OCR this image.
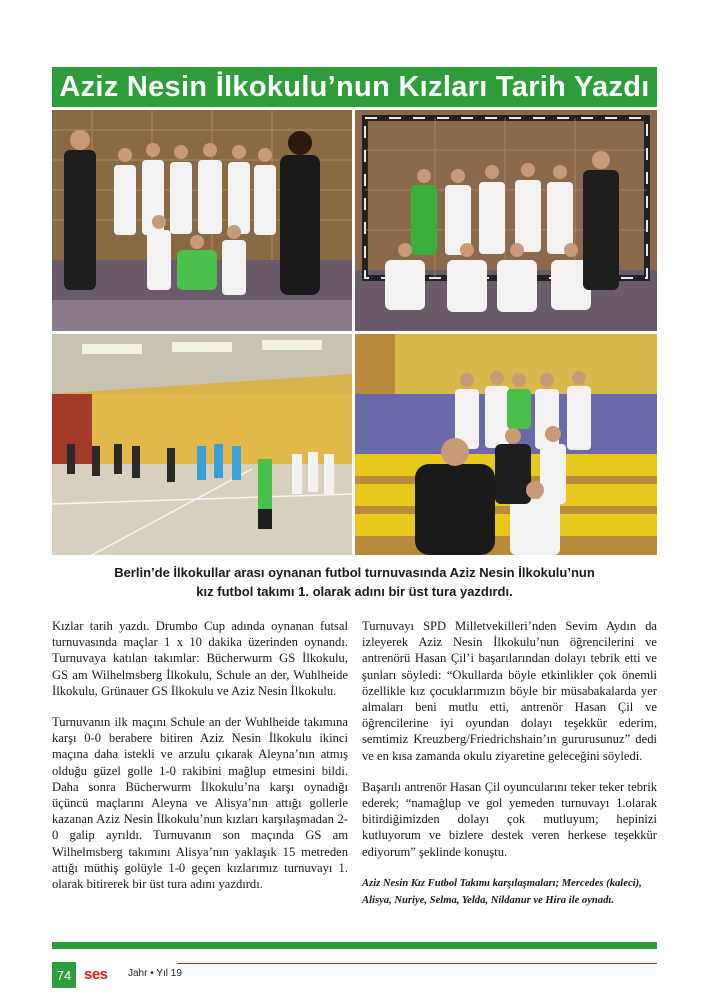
Aziz Nesin İlkokulu’nun Kızları Tarih Yazdı
Berlin’de İlkokullar arası oynanan futbol turnuvasında Aziz Nesin İlkokulu’nun
kız futbol takımı 1. olarak adını bir üst tura yazdırdı.

Kızlar tarih yazdı. Drumbo Cup adında oynanan futsal turnuvasında maçlar 1 x 10 dakika üzerinden oynandı. Turnuvaya katılan takımlar: Bücherwurm GS İlkokulu, GS am Wilhelmsberg İlkokulu, Schule an der, Wuhlheide İlkokulu, Grünauer GS İlkokulu ve Aziz Nesin İlkokulu.

Turnuvanın ilk maçını Schule an der Wuhlheide takımına karşı 0-0 berabere bitiren Aziz Nesin İlkokulu ikinci maçına daha istekli ve arzulu çıkarak Aleyna’nın atmış olduğu güzel golle 1-0 rakibini mağlup etmesini bildi. Daha sonra Bücherwurm İlkokulu’na karşı oynadığı üçüncü maçlarını Aleyna ve Alisya’nın attığı gollerle kazanan Aziz Nesin İlkokulu’nun kızları karşılaşmadan 2-0 galip ayrıldı. Turnuvanın son maçında GS am Wilhelmsberg takımını Alisya’nın yaklaşık 15 metreden attığı müthiş golüyle 1-0 geçen kızlarımız turnuvayı 1. olarak bitirerek bir üst tura adını yazdırdı.

Turnuvayı SPD Milletvekilleri’nden Sevim Aydın da izleyerek Aziz Nesin İlkokulu’nun öğrencilerini ve antrenörü Hasan Çil’i başarılarından dolayı tebrik etti ve şunları söyledi: “Okullarda böyle etkinlikler çok önemli özellikle kız çocuklarımızın böyle bir müsabakalarda yer almaları beni mutlu etti, antrenör Hasan Çil ve öğrencilerine iyi oyundan dolayı teşekkür ederim, semtimiz Kreuzberg/Friedrichshain’ın gururusunuz” dedi ve en kısa zamanda okulu ziyaretine geleceğini söyledi.

Başarılı antrenör Hasan Çil oyuncularını teker teker tebrik ederek; “namağlup ve gol yemeden turnuvayı 1.olarak bitirdiğimizden dolayı çok mutluyum; hepinizi kutluyorum ve bizlere destek veren herkese teşekkür ediyorum” şeklinde konuştu.

Aziz Nesin Kız Futbol Takımı karşılaşmaları; Mercedes (kaleci), Alisya, Nuriye, Selma, Yelda, Nildanur ve Hira ile oynadı.
74 ses Jahr • Yıl 19
